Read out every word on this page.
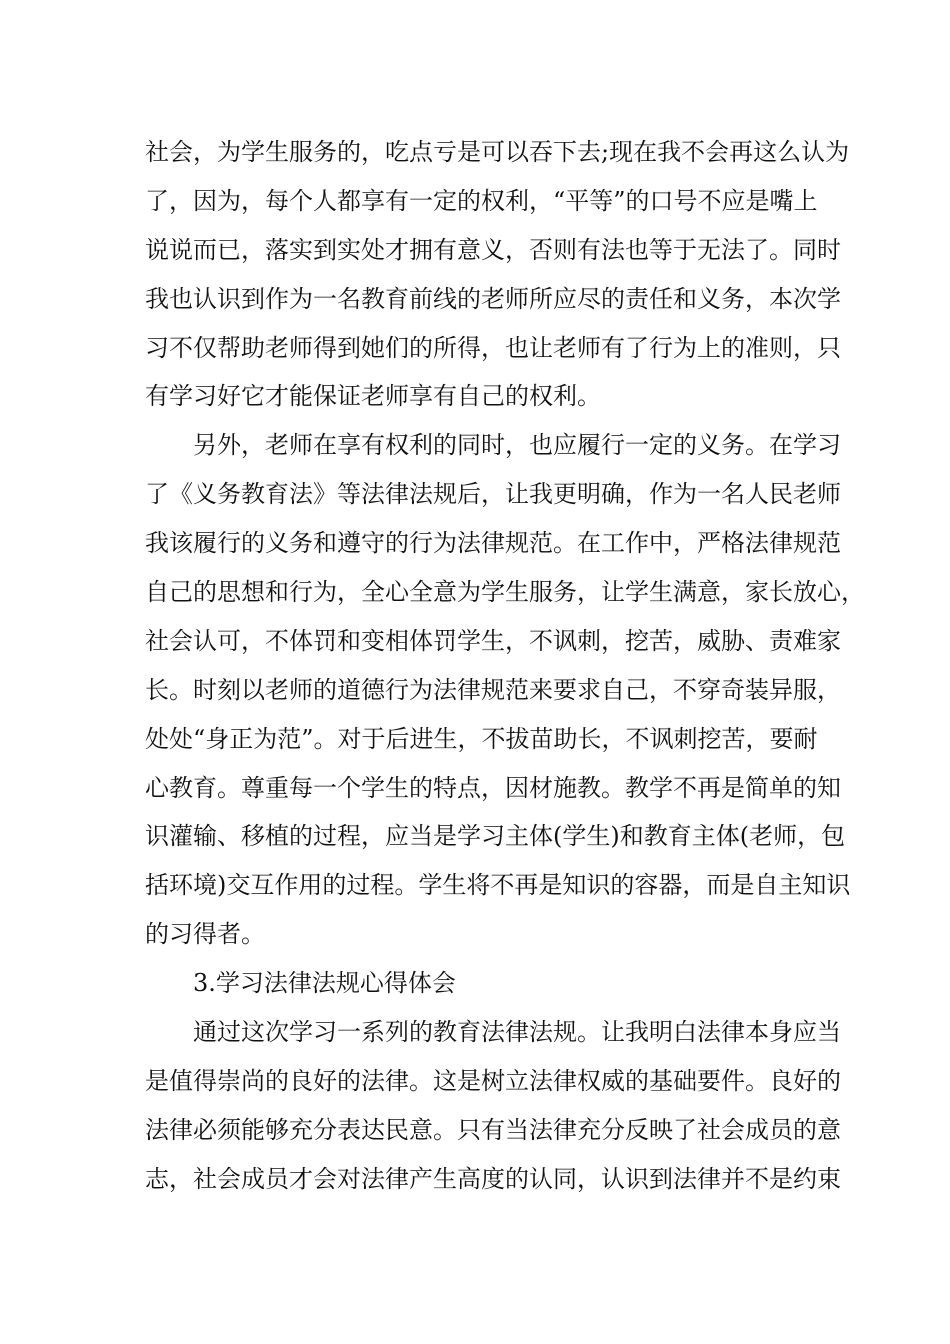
社会，为学生服务的，吃点亏是可以吞下去;现在我不会再这么认为

了，因为，每个人都享有一定的权利，“平等”的口号不应是嘴上

说说而已，落实到实处才拥有意义，否则有法也等于无法了。同时

我也认识到作为一名教育前线的老师所应尽的责任和义务，本次学

习不仅帮助老师得到她们的所得，也让老师有了行为上的准则，只

有学习好它才能保证老师享有自己的权利。

另外，老师在享有权利的同时，也应履行一定的义务。在学习

了《义务教育法》等法律法规后，让我更明确，作为一名人民老师

我该履行的义务和遵守的行为法律规范。在工作中，严格法律规范

自己的思想和行为，全心全意为学生服务，让学生满意，家长放心，

社会认可，不体罚和变相体罚学生，不讽刺，挖苦，威胁、责难家

长。时刻以老师的道德行为法律规范来要求自己，不穿奇装异服，

处处“身正为范”。对于后进生，不拔苗助长，不讽刺挖苦，要耐

心教育。尊重每一个学生的特点，因材施教。教学不再是简单的知

识灌输、移植的过程，应当是学习主体(学生)和教育主体(老师，包

括环境)交互作用的过程。学生将不再是知识的容器，而是自主知识

的习得者。

3.学习法律法规心得体会

通过这次学习一系列的教育法律法规。让我明白法律本身应当

是值得崇尚的良好的法律。这是树立法律权威的基础要件。良好的

法律必须能够充分表达民意。只有当法律充分反映了社会成员的意

志，社会成员才会对法律产生高度的认同，认识到法律并不是约束
